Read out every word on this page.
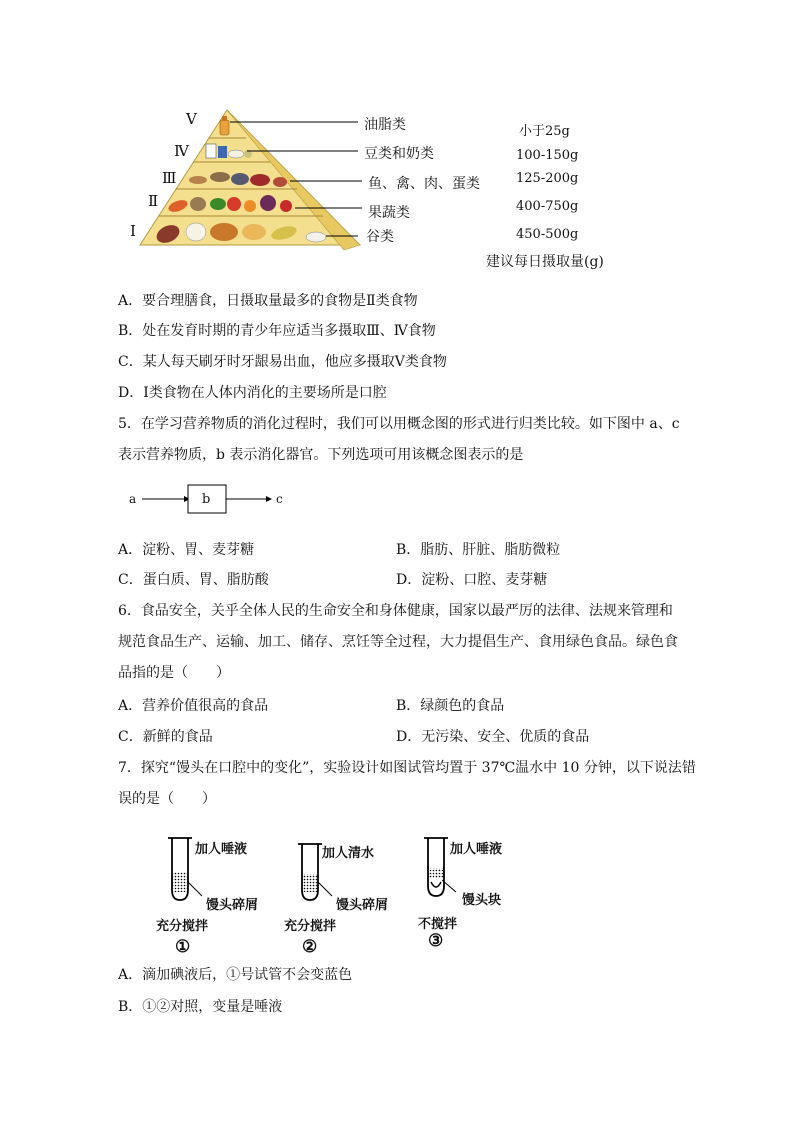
Ⅴ
Ⅳ
Ⅲ
Ⅱ
Ⅰ
油脂类
豆类和奶类
鱼、禽、肉、蛋类
果蔬类
谷类
小于25g
100-150g
125-200g
400-750g
450-500g
建议每日摄取量(g)
A．要合理膳食，日摄取量最多的食物是Ⅱ类食物
B．处在发育时期的青少年应适当多摄取Ⅲ、Ⅳ食物
C．某人每天刷牙时牙龈易出血，他应多摄取Ⅴ类食物
D．Ⅰ类食物在人体内消化的主要场所是口腔
5．在学习营养物质的消化过程时，我们可以用概念图的形式进行归类比较。如下图中 a、c
表示营养物质，b 表示消化器官。下列选项可用该概念图表示的是
a	b	c
A．淀粉、胃、麦芽糖	B．脂肪、肝脏、脂肪微粒
C．蛋白质、胃、脂肪酸	D．淀粉、口腔、麦芽糖
6．食品安全，关乎全体人民的生命安全和身体健康，国家以最严厉的法律、法规来管理和
规范食品生产、运输、加工、储存、烹饪等全过程，大力提倡生产、食用绿色食品。绿色食
品指的是（　　）
A．营养价值很高的食品	B．绿颜色的食品
C．新鲜的食品	D．无污染、安全、优质的食品
7．探究“馒头在口腔中的变化”，实验设计如图试管均置于 37℃温水中 10 分钟，以下说法错
误的是（　　）
加人唾液
馒头碎屑
充分搅拌
①
加人清水
馒头碎屑
充分搅拌
②
加人唾液
馒头块
不搅拌
③
A．滴加碘液后，①号试管不会变蓝色
B．①②对照，变量是唾液
